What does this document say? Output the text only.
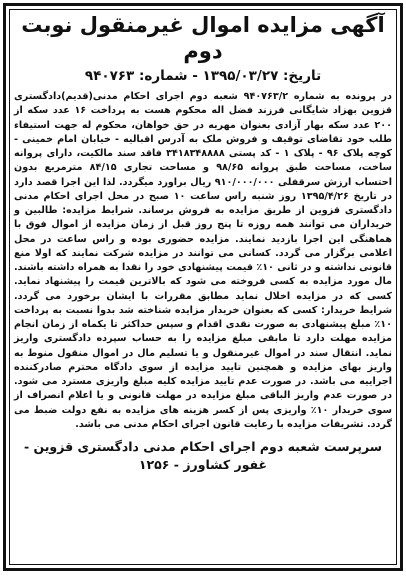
آگهی مزایده اموال غیرمنقول نوبت دوم
تاریخ: ۱۳۹۵/۰۳/۲۷ - شماره: ۹۴۰۷۶۳

در پرونده به شماره ۹۴۰۷۶۳/۲ شعبه دوم اجرای احکام مدنی(قدیم)دادگستری قزوین بهزاد شایگانی فرزند فضل اله محکوم هست به پرداخت ۱۶ عدد سکه از ۲۰۰ عدد سکه بهار آزادی بعنوان مهریه در حق خواهان، محکوم له جهت استیفاء طلب خود تقاضای توقیف و فروش ملک به آدرس اقبالیه - خیابان امام خمینی - کوچه پلاک ۹۶ - پلاک ۱ - کد پستی ۳۴۱۸۳۴۸۸۸۸ فاقد سند مالکیت، دارای پروانه ساخت، مساحت طبق پروانه ۹۸/۶۵ و مساحت تجاری ۸۴/۱۵ مترمربع بدون احتساب ارزش سرقفلی ۹۱۰/۰۰۰/۰۰۰ ریال براورد میگردد. لذا این اجرا قصد دارد در تاریخ ۱۳۹۵/۴/۲۶ روز شنبه راس ساعت ۱۰ صبح در محل اجرای احکام مدنی دادگستری قزوین از طریق مزایده به فروش برساند. شرایط مزایده: طالبین و خریداران می توانند همه روزه تا پنج روز قبل از زمان مزایده از اموال فوق با هماهنگی این اجرا بازدید نمایند. مزایده حضوری بوده و راس ساعت در محل اعلامی برگزار می گردد. کسانی می توانند در مزایده شرکت نمایند که اولا منع قانونی نداشته و در ثانی ۱۰٪ قیمت پیشنهادی خود را نقدا به همراه داشته باشند. مال مورد مزایده به کسی فروخته می شود که بالاترین قیمت را پیشنهاد نماید. کسی که در مزایده اخلال نماید مطابق مقررات با ایشان برخورد می گردد. شرایط خریدار: کسی که بعنوان خریدار مزایده شناخته شد بدوا نسبت به پرداخت ۱۰٪ مبلغ پیشنهادی به صورت نقدی اقدام و سپس حداکثر تا یکماه از زمان انجام مزایده مهلت دارد تا مابقی مبلغ مزایده را به حساب سپرده دادگستری واریز نماید. انتقال سند در اموال غیرمنقول و یا تسلیم مال در اموال منقول منوط به واریز بهای مزایده و همچنین تایید مزایده از سوی دادگاه محترم صادرکننده اجراییه می باشد. در صورت عدم تایید مزایده کلیه مبلغ واریزی مسترد می شود. در صورت عدم واریز الباقی مبلغ مزایده در مهلت قانونی و یا اعلام انصراف از سوی خریدار ۱۰٪ واریزی پس از کسر هزینه های مزایده به نفع دولت ضبط می گردد. تشریفات مزایده با رعایت قانون اجرای احکام مدنی می باشد.

سرپرست شعبه دوم اجرای احکام مدنی دادگستری قزوین -
غفور کشاورز - ۱۲۵۶
